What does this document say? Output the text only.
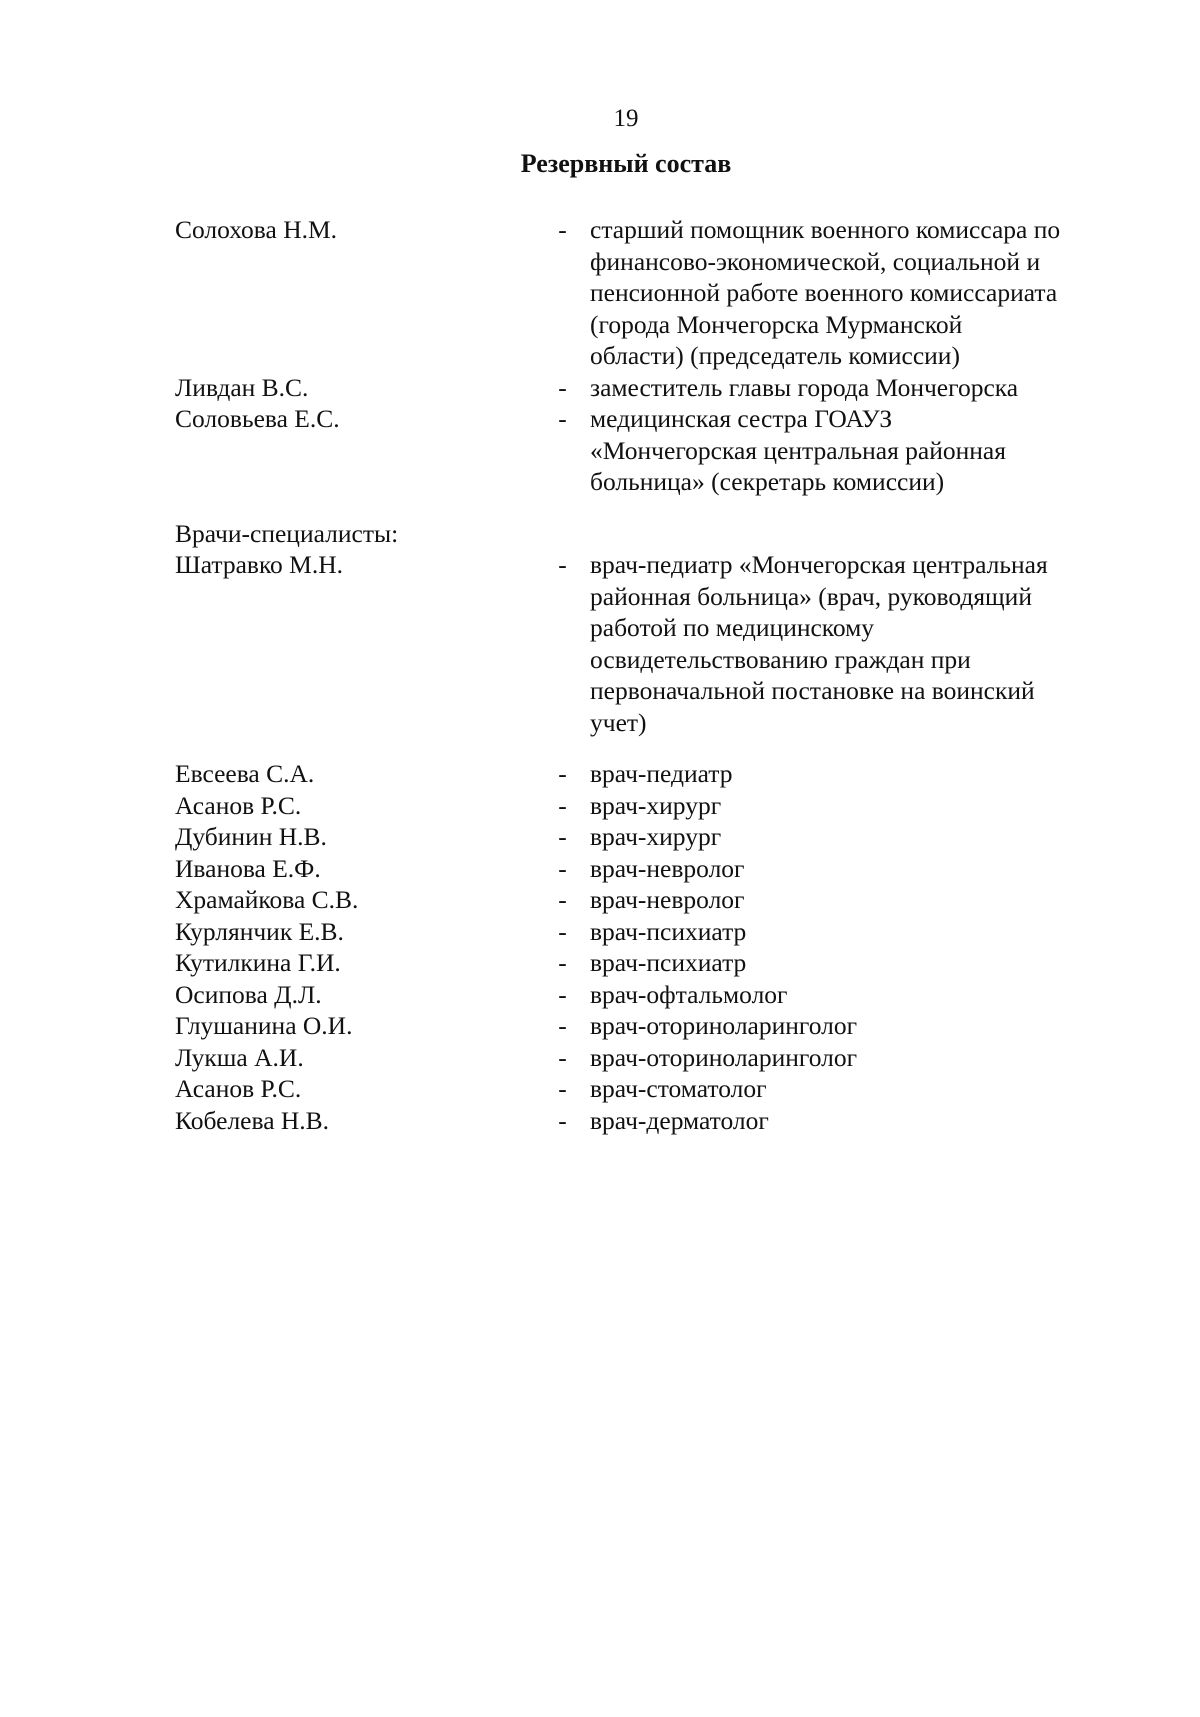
19
Резервный состав
Солохова Н.М.	- старший помощник военного комиссара по
финансово-экономической, социальной и
пенсионной работе военного комиссариата
(города Мончегорска Мурманской
области) (председатель комиссии)
Ливдан В.С.	- заместитель главы города Мончегорска
Соловьева Е.С.	- медицинская сестра ГОАУЗ
«Мончегорская центральная районная
больница» (секретарь комиссии)
Врачи-специалисты:
Шатравко М.Н.	- врач-педиатр «Мончегорская центральная
районная больница» (врач, руководящий
работой по медицинскому
освидетельствованию граждан при
первоначальной постановке на воинский
учет)
Евсеева С.А.	- врач-педиатр
Асанов Р.С.	- врач-хирург
Дубинин Н.В.	- врач-хирург
Иванова Е.Ф.	- врач-невролог
Храмайкова С.В.	- врач-невролог
Курлянчик Е.В.	- врач-психиатр
Кутилкина Г.И.	- врач-психиатр
Осипова Д.Л.	- врач-офтальмолог
Глушанина О.И.	- врач-оториноларинголог
Лукша А.И.	- врач-оториноларинголог
Асанов Р.С.	- врач-стоматолог
Кобелева Н.В.	- врач-дерматолог
